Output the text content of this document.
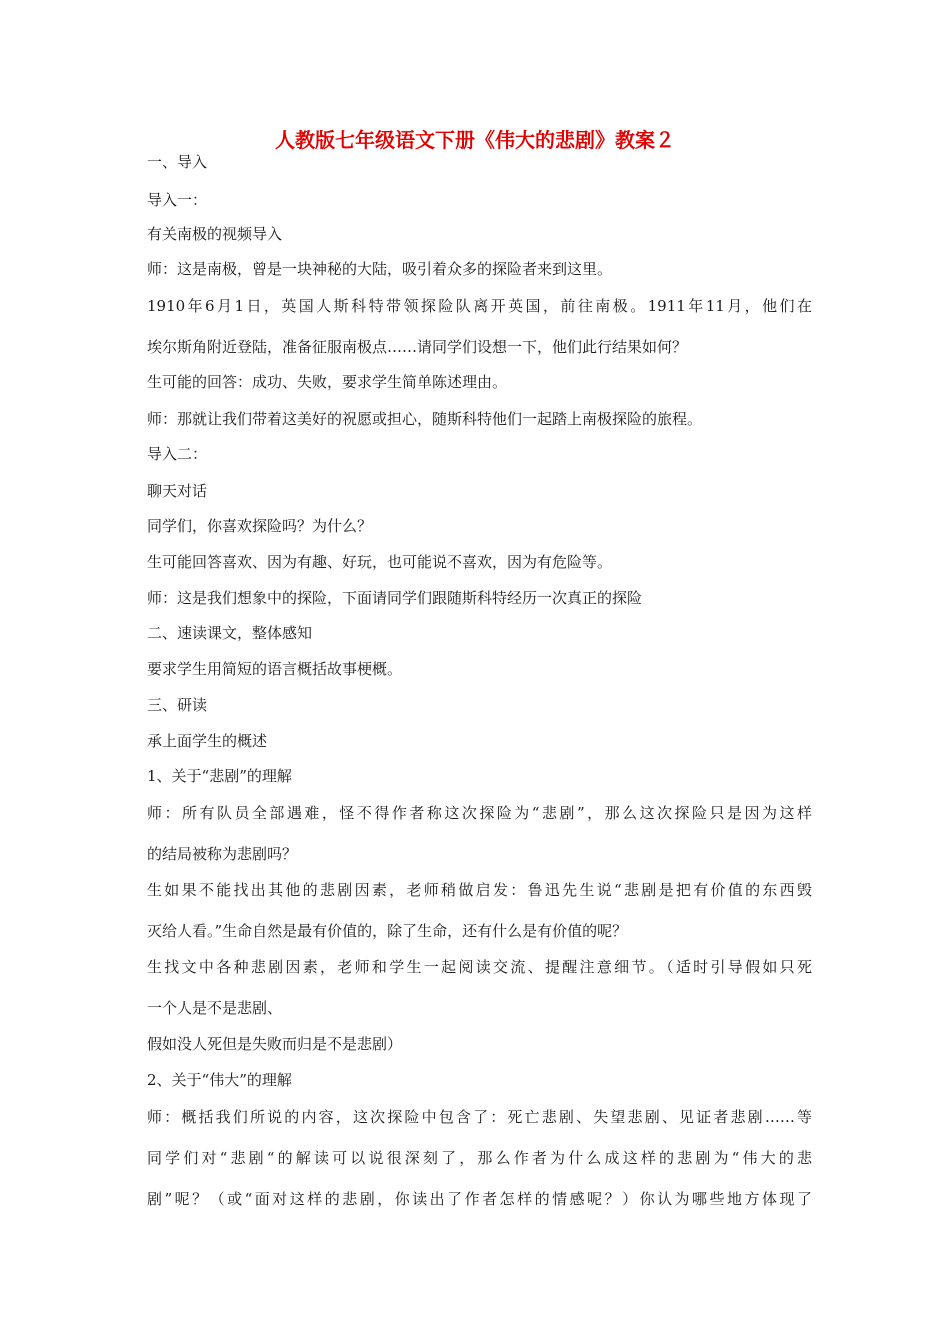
人教版七年级语文下册《伟大的悲剧》教案２
一、导入
导入一：
有关南极的视频导入
师：这是南极，曾是一块神秘的大陆，吸引着众多的探险者来到这里。
1910年6月1日，英国人斯科特带领探险队离开英国，前往南极。1911年11月，他们在
埃尔斯角附近登陆，准备征服南极点……请同学们设想一下，他们此行结果如何？
生可能的回答：成功、失败，要求学生简单陈述理由。
师：那就让我们带着这美好的祝愿或担心，随斯科特他们一起踏上南极探险的旅程。
导入二：
聊天对话
同学们，你喜欢探险吗？为什么？
生可能回答喜欢、因为有趣、好玩，也可能说不喜欢，因为有危险等。
师：这是我们想象中的探险，下面请同学们跟随斯科特经历一次真正的探险
二、速读课文，整体感知
要求学生用简短的语言概括故事梗概。
三、研读
承上面学生的概述
1、关于“悲剧”的理解
师：所有队员全部遇难，怪不得作者称这次探险为“悲剧”，那么这次探险只是因为这样
的结局被称为悲剧吗？
生如果不能找出其他的悲剧因素，老师稍做启发：鲁迅先生说“悲剧是把有价值的东西毁
灭给人看。”生命自然是最有价值的，除了生命，还有什么是有价值的呢？
生找文中各种悲剧因素，老师和学生一起阅读交流、提醒注意细节。（适时引导假如只死
一个人是不是悲剧、
假如没人死但是失败而归是不是悲剧）
2、关于“伟大”的理解
师：概括我们所说的内容，这次探险中包含了：死亡悲剧、失望悲剧、见证者悲剧……等
同学们对“悲剧“的解读可以说很深刻了，那么作者为什么成这样的悲剧为“伟大的悲
剧”呢？（或“面对这样的悲剧，你读出了作者怎样的情感呢？）你认为哪些地方体现了
